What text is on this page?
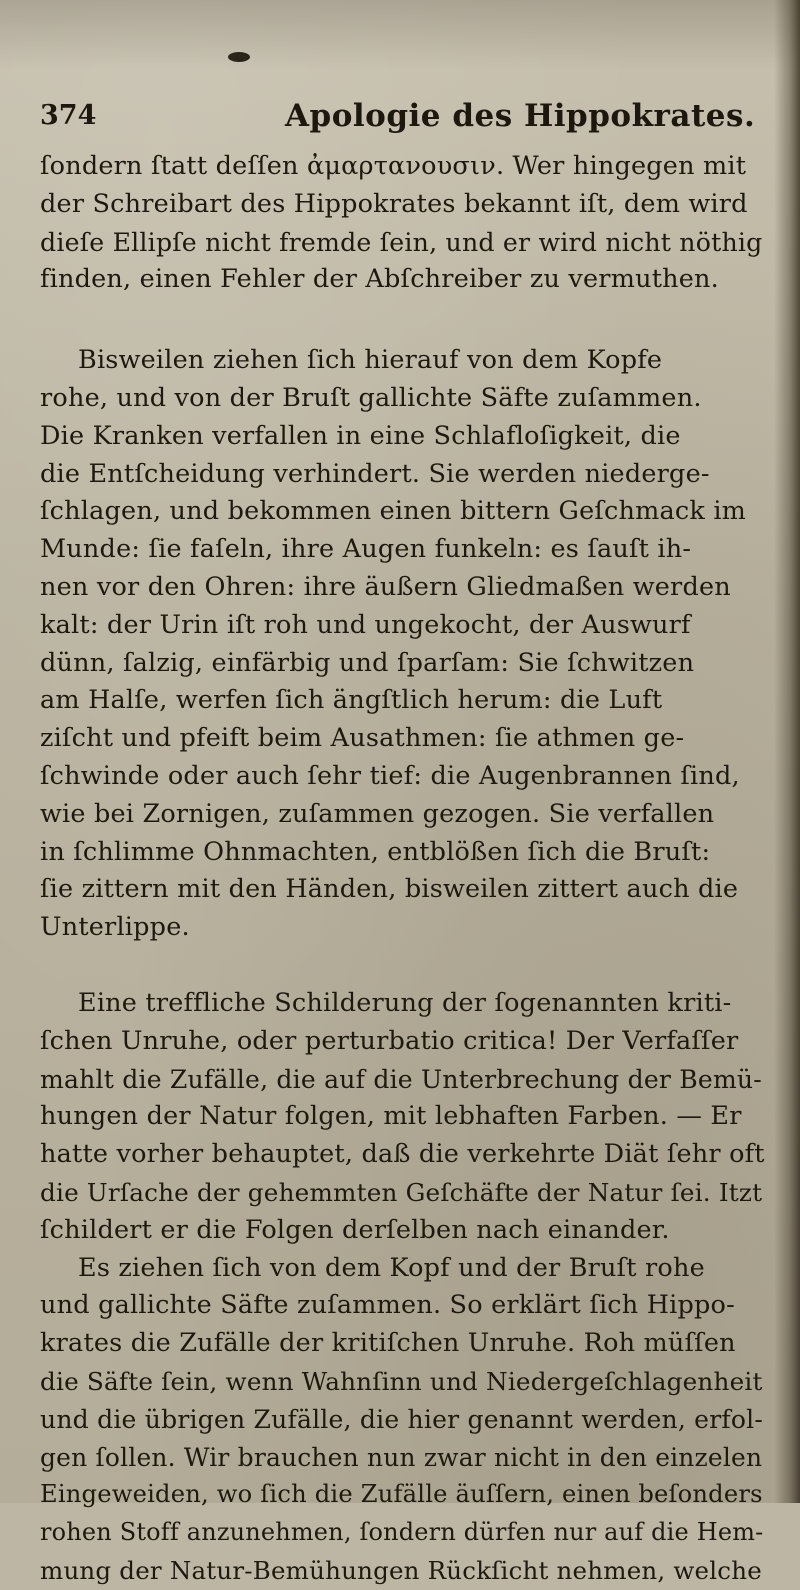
374	Apologie des Hippokrates.
ſondern ſtatt deſſen ἀμαρτανουσιν. Wer hingegen mit
der Schreibart des Hippokrates bekannt iſt, dem wird
dieſe Ellipſe nicht fremde ſein, und er wird nicht nöthig
finden, einen Fehler der Abſchreiber zu vermuthen.
Bisweilen ziehen ſich hierauf von dem Kopfe
rohe, und von der Bruſt gallichte Säfte zuſammen.
Die Kranken verfallen in eine Schlafloſigkeit, die
die Entſcheidung verhindert. Sie werden niederge-
ſchlagen, und bekommen einen bittern Geſchmack im
Munde: ſie faſeln, ihre Augen funkeln: es ſauſt ih-
nen vor den Ohren: ihre äußern Gliedmaßen werden
kalt: der Urin iſt roh und ungekocht, der Auswurf
dünn, ſalzig, einfärbig und ſparſam: Sie ſchwitzen
am Halſe, werfen ſich ängſtlich herum: die Luft
ziſcht und pfeift beim Ausathmen: ſie athmen ge-
ſchwinde oder auch ſehr tief: die Augenbrannen ſind,
wie bei Zornigen, zuſammen gezogen. Sie verfallen
in ſchlimme Ohnmachten, entblößen ſich die Bruſt:
ſie zittern mit den Händen, bisweilen zittert auch die
Unterlippe.
Eine treffliche Schilderung der ſogenannten kriti-
ſchen Unruhe, oder perturbatio critica! Der Verfaſſer
mahlt die Zufälle, die auf die Unterbrechung der Bemü-
hungen der Natur folgen, mit lebhaften Farben. — Er
hatte vorher behauptet, daß die verkehrte Diät ſehr oft
die Urſache der gehemmten Geſchäfte der Natur ſei. Itzt
ſchildert er die Folgen derſelben nach einander.
Es ziehen ſich von dem Kopf und der Bruſt rohe
und gallichte Säfte zuſammen. So erklärt ſich Hippo-
krates die Zufälle der kritiſchen Unruhe. Roh müſſen
die Säfte ſein, wenn Wahnſinn und Niedergeſchlagenheit
und die übrigen Zufälle, die hier genannt werden, erfol-
gen ſollen. Wir brauchen nun zwar nicht in den einzelen
Eingeweiden, wo ſich die Zufälle äuſſern, einen beſonders
rohen Stoff anzunehmen, ſondern dürfen nur auf die Hem-
mung der Natur-Bemühungen Rückſicht nehmen, welche
